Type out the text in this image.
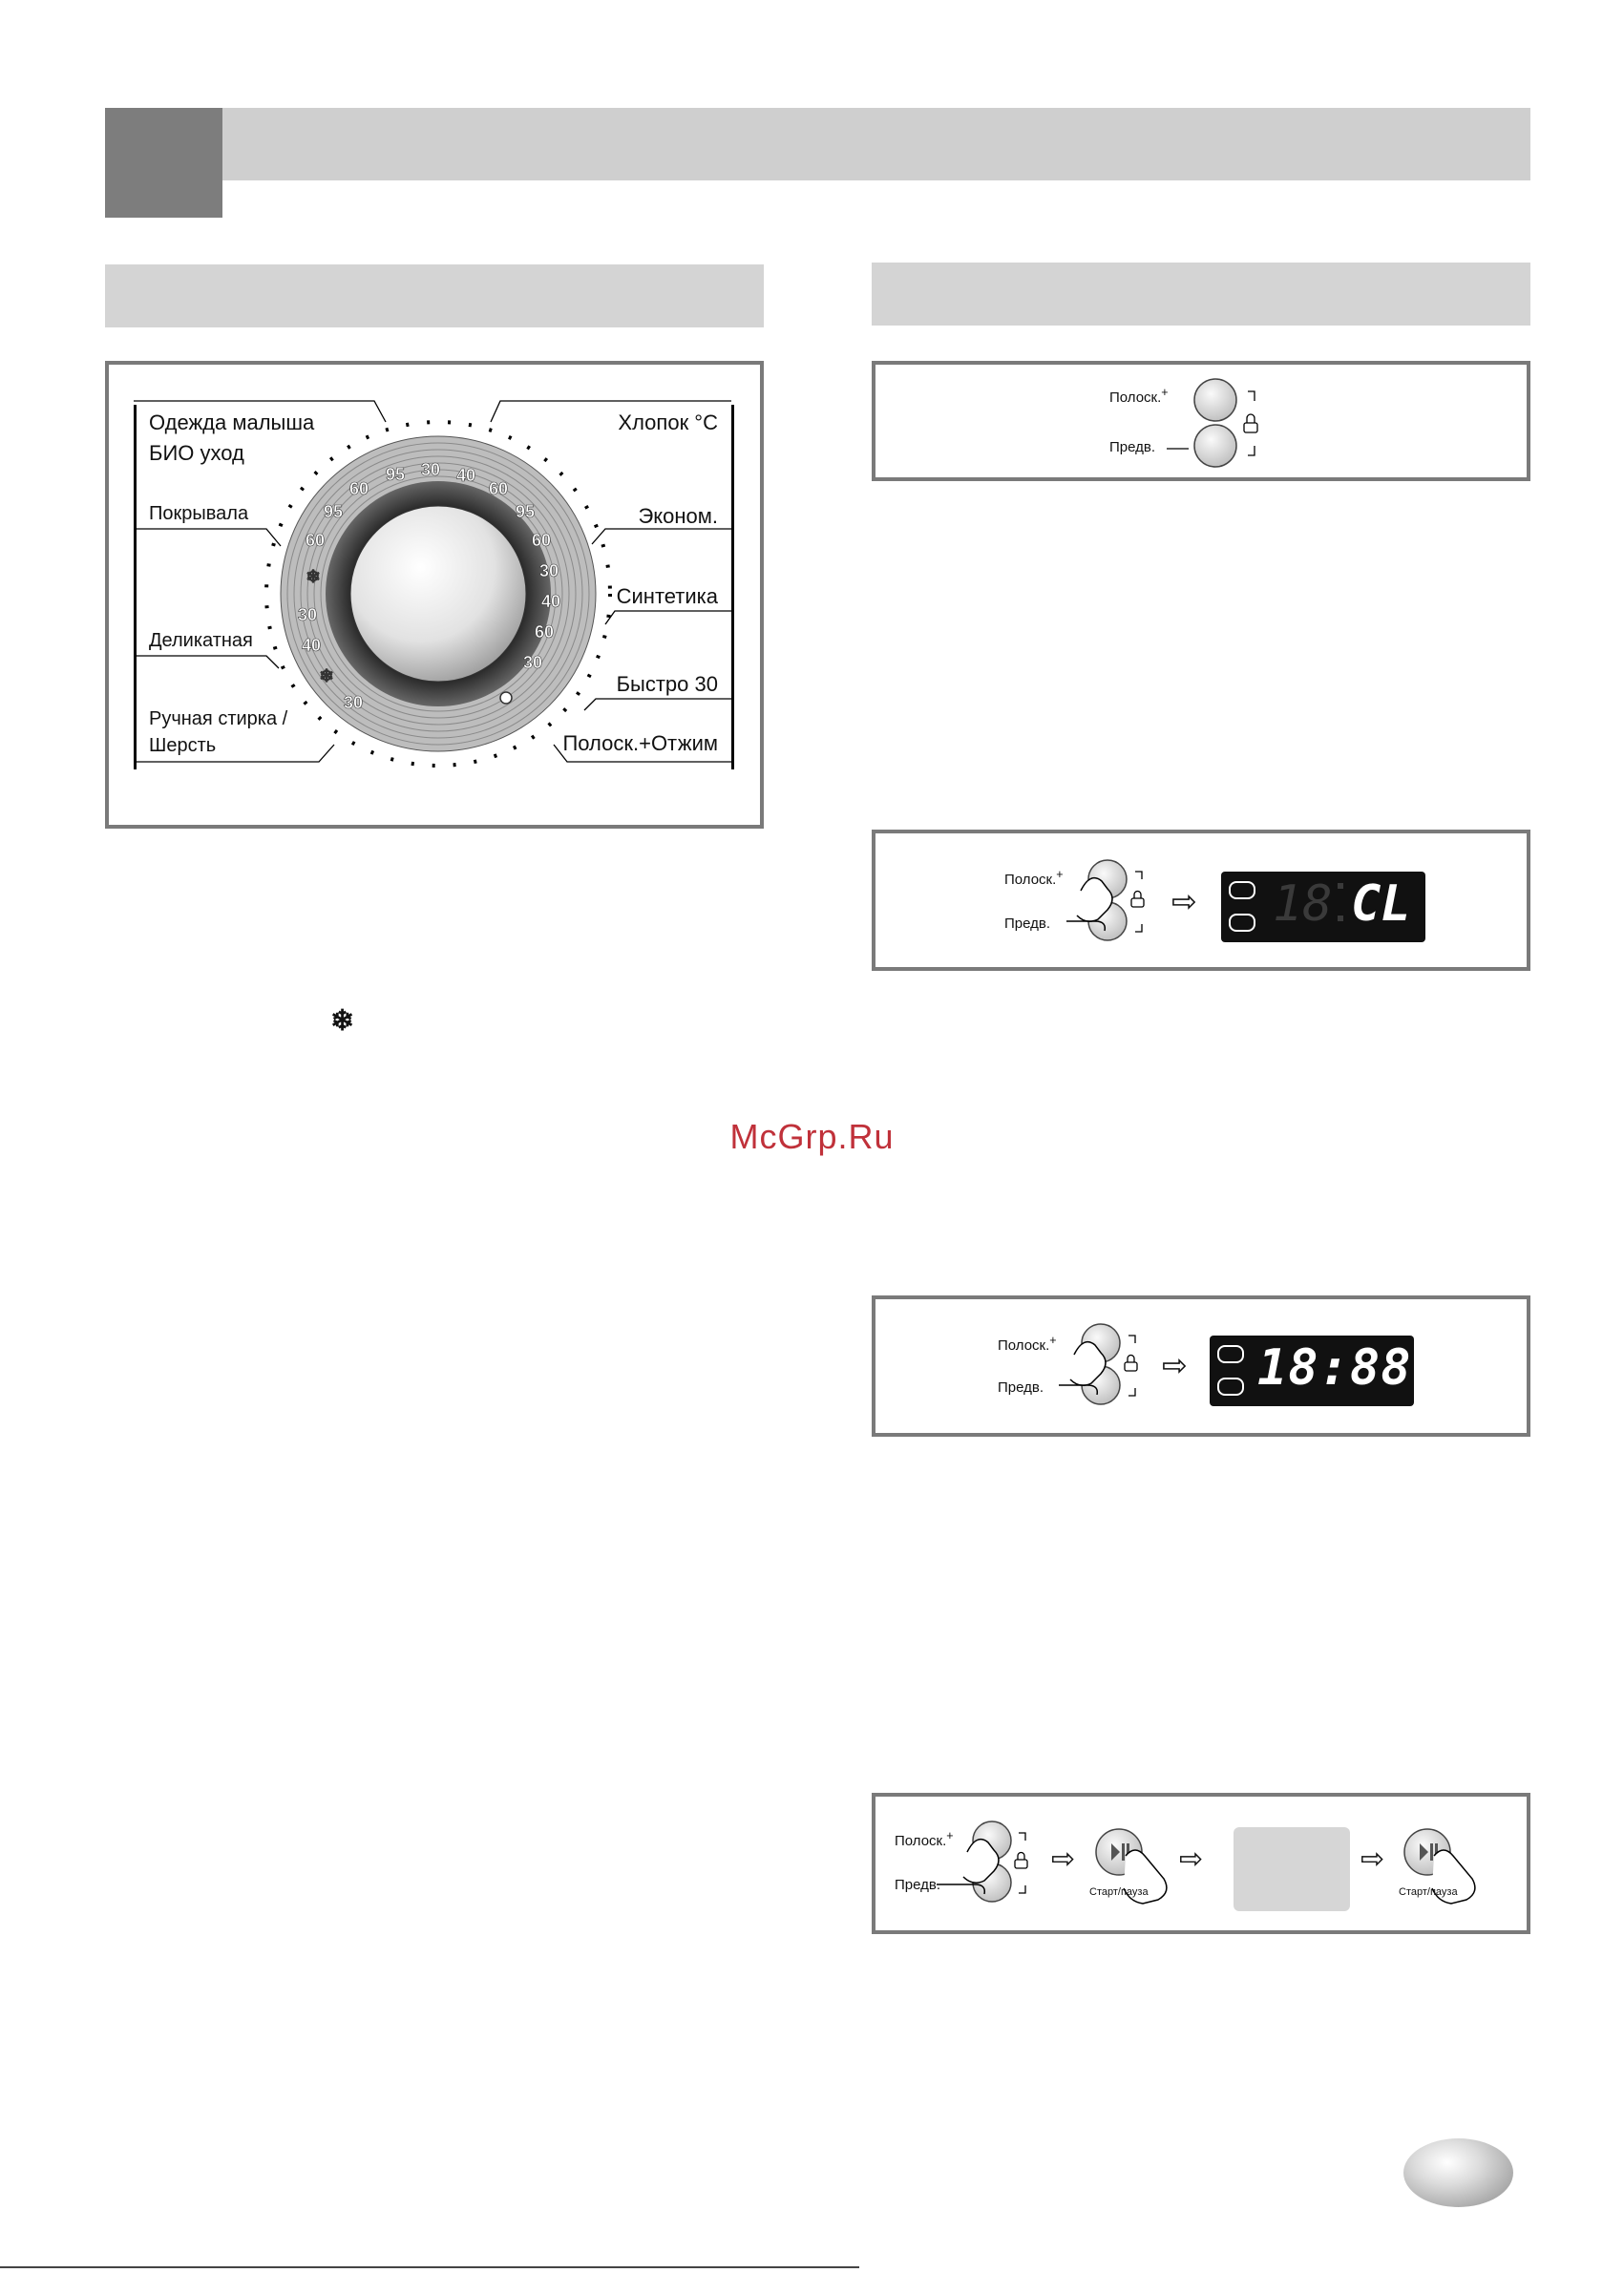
Одежда малыша
БИО уход
Покрывала
Деликатная
Ручная стирка /
Шерсть
Хлопок °C
Эконом.
Синтетика
Быстро 30
Полоск.+Отжим
95 30 40
60
95
60
30
40
60
30
30
40
30
60
95
60
❄
❄
❄
Полоск.+
Предв.
Полоск.+
Предв.
⇨ 18 CL
McGrp.Ru
Полоск.+
Предв.
⇨ 18:88
Полоск.+
Предв.
⇨	⇨	⇨
Старт/пауза	Старт/пауза
